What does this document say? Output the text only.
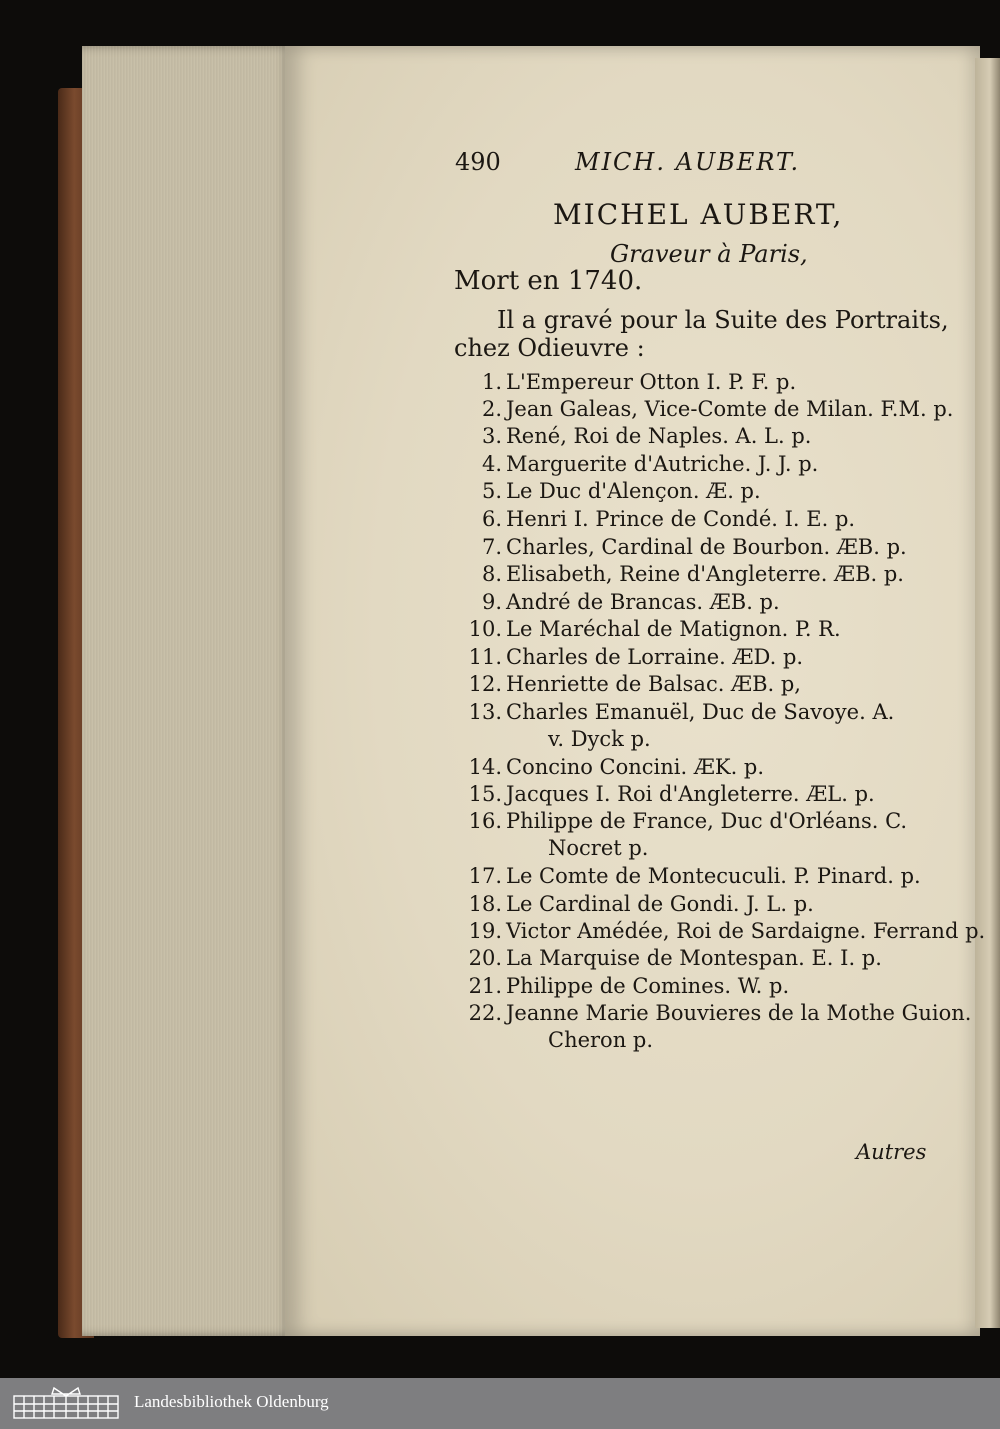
490	MICH. AUBERT.
MICHEL AUBERT,
Graveur à Paris,
Mort en 1740.
Il a gravé pour la Suite des Portraits,
chez Odieuvre :
1. L'Empereur Otton I. P. F. p.
2. Jean Galeas, Vice-Comte de Milan. F.M. p.
3. René, Roi de Naples. A. L. p.
4. Marguerite d'Autriche. J. J. p.
5. Le Duc d'Alençon. Æ. p.
6. Henri I. Prince de Condé. I. E. p.
7. Charles, Cardinal de Bourbon. ÆB. p.
8. Elisabeth, Reine d'Angleterre. ÆB. p.
9. André de Brancas. ÆB. p.
10. Le Maréchal de Matignon. P. R.
11. Charles de Lorraine. ÆD. p.
12. Henriette de Balsac. ÆB. p,
13. Charles Emanuël, Duc de Savoye. A.
v. Dyck p.
14. Concino Concini. ÆK. p.
15. Jacques I. Roi d'Angleterre. ÆL. p.
16. Philippe de France, Duc d'Orléans. C.
Nocret p.
17. Le Comte de Montecuculi. P. Pinard. p.
18. Le Cardinal de Gondi. J. L. p.
19. Victor Amédée, Roi de Sardaigne. Ferrand p.
20. La Marquise de Montespan. E. I. p.
21. Philippe de Comines. W. p.
22. Jeanne Marie Bouvieres de la Mothe Guion.
Cheron p.
Autres
Landesbibliothek Oldenburg
